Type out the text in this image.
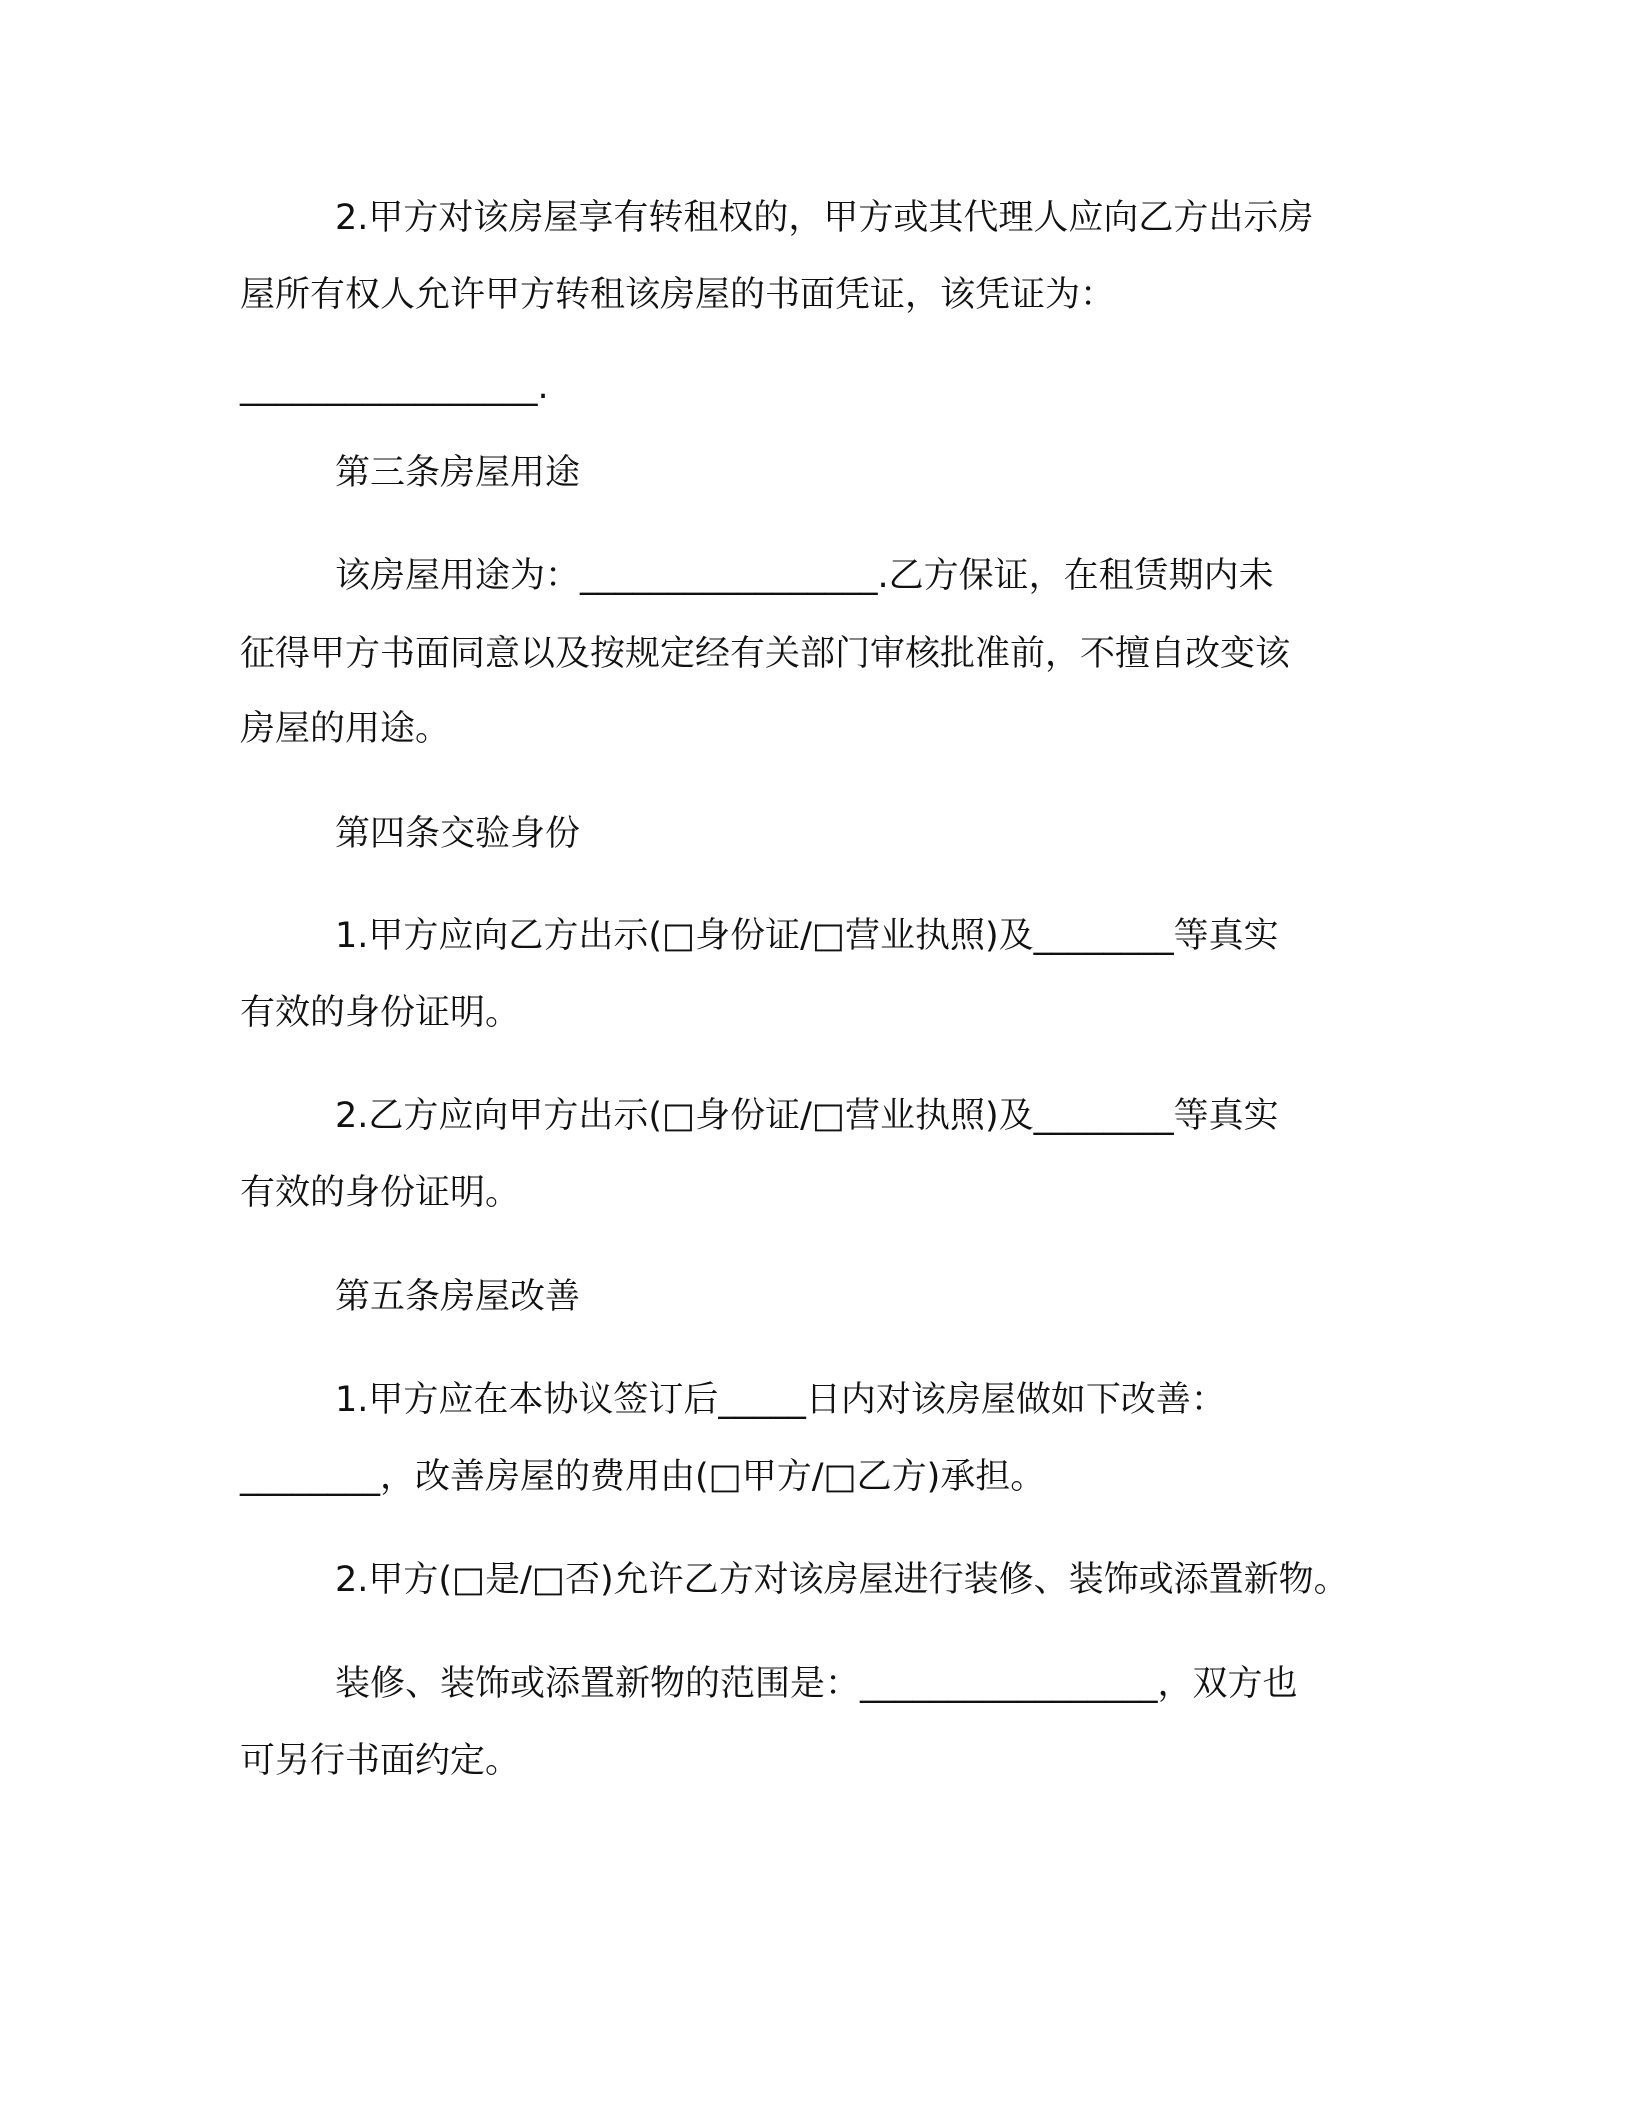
2.甲方对该房屋享有转租权的，甲方或其代理人应向乙方出示房
屋所有权人允许甲方转租该房屋的书面凭证，该凭证为：
_________________.
第三条房屋用途
该房屋用途为：_________________.乙方保证，在租赁期内未
征得甲方书面同意以及按规定经有关部门审核批准前，不擅自改变该
房屋的用途。
第四条交验身份
1.甲方应向乙方出示(□身份证/□营业执照)及________等真实
有效的身份证明。
2.乙方应向甲方出示(□身份证/□营业执照)及________等真实
有效的身份证明。
第五条房屋改善
1.甲方应在本协议签订后_____日内对该房屋做如下改善：
________，改善房屋的费用由(□甲方/□乙方)承担。
2.甲方(□是/□否)允许乙方对该房屋进行装修、装饰或添置新物。
装修、装饰或添置新物的范围是：_________________，双方也
可另行书面约定。
